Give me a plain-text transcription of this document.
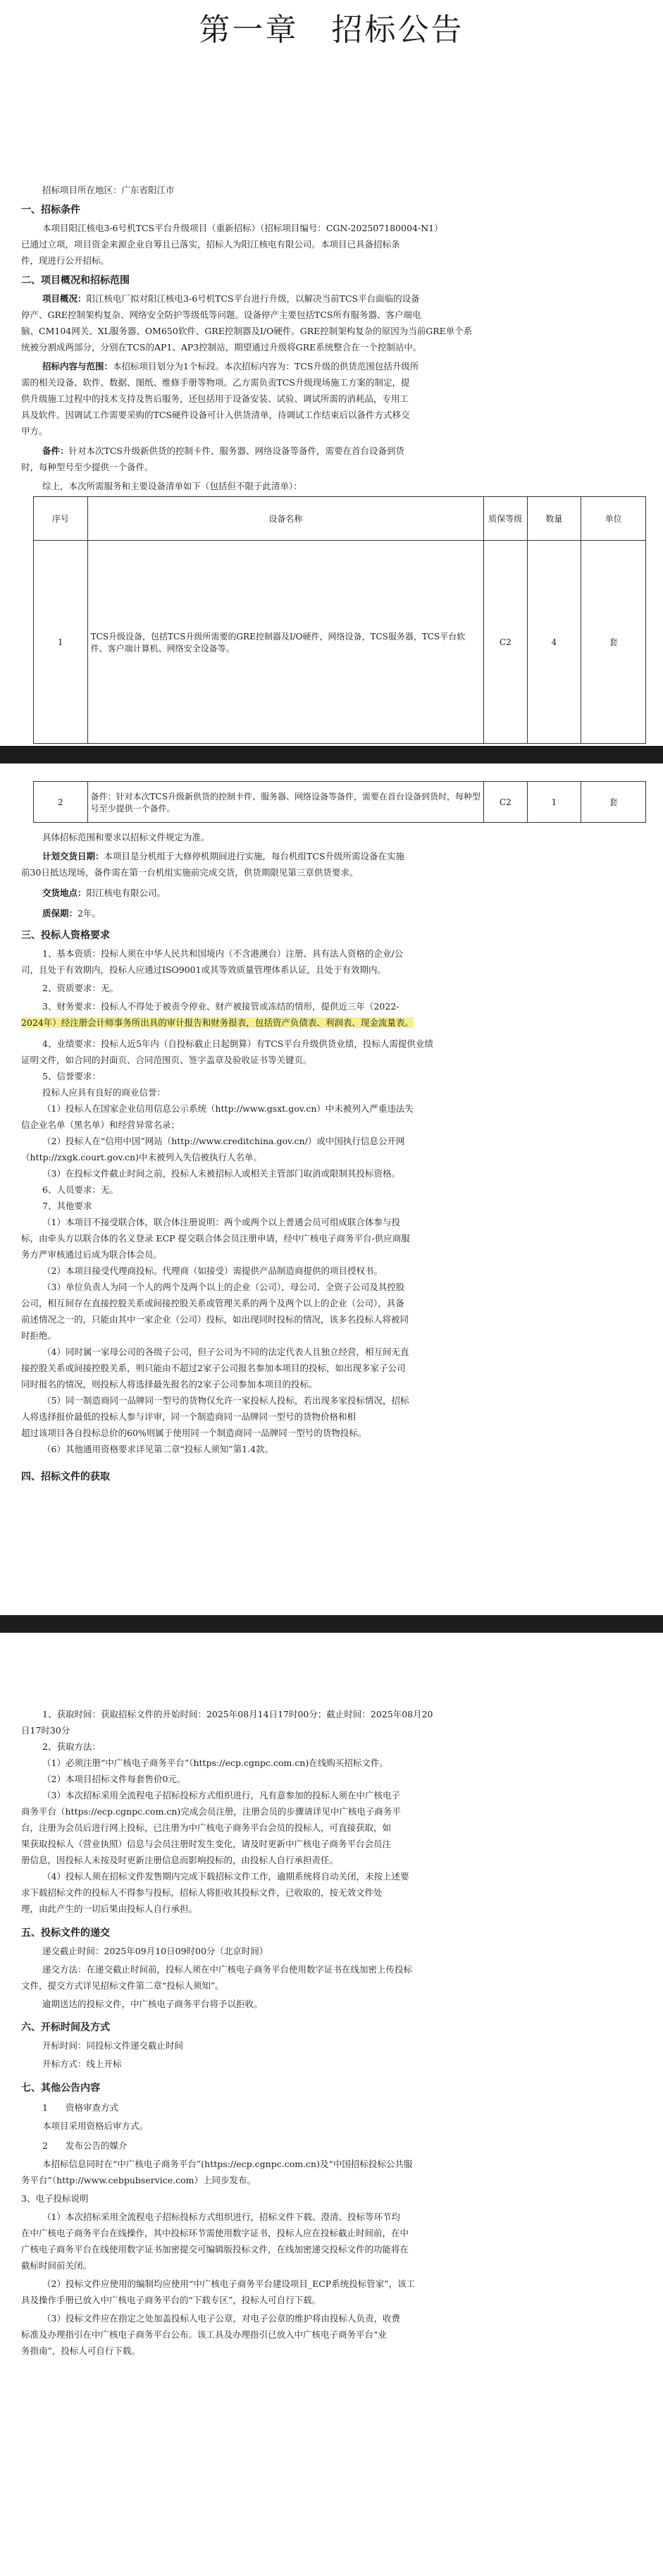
第一章　招标公告
招标项目所在地区：广东省阳江市
一、招标条件
本项目阳江核电3-6号机TCS平台升级项目（重新招标）（招标项目编号：CGN-202507180004-N1）
已通过立项，项目资金来源企业自筹且已落实，招标人为阳江核电有限公司。本项目已具备招标条
件，现进行公开招标。
二、项目概况和招标范围
项目概况：阳江核电厂拟对阳江核电3-6号机TCS平台进行升级，以解决当前TCS平台面临的设备
停产、GRE控制架构复杂、网络安全防护等级低等问题。设备停产主要包括TCS所有服务器、客户端电
脑、CM104网关、XL服务器、OM650软件、GRE控制器及I/O硬件。GRE控制架构复杂的原因为当前GRE单个系
统被分割成两部分，分别在TCS的AP1、AP3控制站，期望通过升级将GRE系统整合在一个控制站中。
招标内容与范围：本招标项目划分为1个标段。本次招标内容为：TCS升级的供货范围包括升级所
需的相关设备、软件、数据、图纸、维修手册等物项。乙方需负责TCS升级现场施工方案的制定，提
供升级施工过程中的技术支持及售后服务，还包括用于设备安装、试验、调试所需的消耗品，专用工
具及软件。因调试工作需要采购的TCS硬件设备可计入供货清单，待调试工作结束后以备件方式移交
甲方。
备件：针对本次TCS升级新供货的控制卡件、服务器、网络设备等备件，需要在首台设备到货
时，每种型号至少提供一个备件。
综上，本次所需服务和主要设备清单如下（包括但不限于此清单）：
序号	设备名称	质保等级	数量	单位
1	TCS升级设备，包括TCS升级所需要的GRE控制器及I/O硬件，网络设备，TCS服务器，TCS平台软件、客户端计算机、网络安全设备等。	C2	4	套
2	备件：针对本次TCS升级新供货的控制卡件、服务器、网络设备等备件，需要在首台设备到货时，每种型号至少提供一个备件。	C2	1	套
具体招标范围和要求以招标文件规定为准。
计划交货日期：本项目是分机组于大修停机期间进行实施，每台机组TCS升级所需设备在实施
前30日抵达现场，备件需在第一台机组实施前完成交货，供货期限见第三章供货要求。
交货地点：阳江核电有限公司。
质保期：2年。
三、投标人资格要求
1、基本资质：投标人须在中华人民共和国境内（不含港澳台）注册、具有法人资格的企业/公
司，且处于有效期内，投标人应通过ISO9001或其等效质量管理体系认证，且处于有效期内。
2、资质要求：无。
3、财务要求：投标人不得处于被责令停业、财产被接管或冻结的情形，提供近三年（2022-
2024年）经注册会计师事务所出具的审计报告和财务报表，包括资产负债表、利润表、现金流量表。
4、业绩要求：投标人近5年内（自投标截止日起倒算）有TCS平台升级供货业绩，投标人需提供业绩
证明文件，如合同的封面页、合同范围页、签字盖章及验收证书等关键页。
5、信誉要求：
投标人应具有良好的商业信誉：
（1）投标人在国家企业信用信息公示系统（http://www.gsxt.gov.cn）中未被列入严重违法失
信企业名单（黑名单）和经营异常名录；
（2）投标人在“信用中国”网站（http://www.creditchina.gov.cn/）或中国执行信息公开网
（http://zxgk.court.gov.cn)中未被列入失信被执行人名单。
（3）在投标文件截止时间之前，投标人未被招标人或相关主管部门取消或限制其投标资格。
6、人员要求：无。
7、其他要求
（1）本项目不接受联合体，联合体注册说明：两个或两个以上普通会员可组成联合体参与投
标，由牵头方以联合体的名义登录 ECP 提交联合体会员注册申请，经中广核电子商务平台-供应商服
务方严审核通过后成为联合体会员。
（2）本项目接受代理商投标。代理商（如接受）需提供产品制造商提供的项目授权书。
（3）单位负责人为同一个人的两个及两个以上的企业（公司），母公司、全资子公司及其控股
公司，相互间存在直接控股关系或间接控股关系或管理关系的两个及两个以上的企业（公司），具备
前述情况之一的，只能由其中一家企业（公司）投标，如出现同时投标的情况，该多名投标人将被同
时拒绝。
（4）同时属一家母公司的各级子公司，但子公司为不同的法定代表人且独立经营，相互间无直
接控股关系或间接控股关系，则只能由不超过2家子公司报名参加本项目的投标，如出现多家子公司
同时报名的情况，则投标人将选择最先报名的2家子公司参加本项目的投标。
（5）同一制造商同一品牌同一型号的货物仅允许一家投标人投标，若出现多家投标情况，招标
人将选择报价最低的投标人参与评审，同一个制造商同一品牌同一型号的货物价格和相
超过该项目各自投标总价的60%则属于使用同一个制造商同一品牌同一型号的货物投标。
（6）其他通用资格要求详见第二章“投标人须知”第1.4款。
四、招标文件的获取
1、获取时间：获取招标文件的开始时间：2025年08月14日17时00分；截止时间：2025年08月20
日17时30分
2、获取方法：
（1）必须注册“中广核电子商务平台”（https://ecp.cgnpc.com.cn)在线购买招标文件。
（2）本项目招标文件每套售价0元。
（3）本次招标采用全流程电子招标投标方式组织进行，凡有意参加的投标人须在中广核电子
商务平台（https://ecp.cgnpc.com.cn)完成会员注册，注册会员的步骤请详见中广核电子商务平
台，注册为会员后进行网上投标，已注册为中广核电子商务平台会员的投标人，可直接获取，如
果获取投标人（营业执照）信息与会员注册时发生变化，请及时更新中广核电子商务平台会员注
册信息，因投标人未按及时更新注册信息而影响投标的，由投标人自行承担责任。
（4）投标人须在招标文件发售期内完成下载招标文件工作，逾期系统将自动关闭，未按上述要
求下载招标文件的投标人不得参与投标，招标人将拒收其投标文件，已收取的，按无效文件处
理，由此产生的一切后果由投标人自行承担。
五、投标文件的递交
递交截止时间：2025年09月10日09时00分（北京时间）
递交方法：在递交截止时间前，投标人须在中广核电子商务平台使用数字证书在线加密上传投标
文件，提交方式详见招标文件第二章“投标人须知”。
逾期送达的投标文件，中广核电子商务平台将予以拒收。
六、开标时间及方式
开标时间：同投标文件递交截止时间
开标方式：线上开标
七、其他公告内容
1　　资格审查方式
本项目采用资格后审方式。
2　　发布公告的媒介
本招标信息同时在“中广核电子商务平台”(https://ecp.cgnpc.com.cn)及“中国招标投标公共服
务平台”（http://www.cebpubservice.com）上同步发布。
3、电子投标说明
（1）本次招标采用全流程电子招标投标方式组织进行，招标文件下载、澄清、投标等环节均
在中广核电子商务平台在线操作，其中投标环节需使用数字证书，投标人应在投标截止时间前，在中
广核电子商务平台在线使用数字证书加密提交可编辑版投标文件，在线加密递交投标文件的功能将在
截标时间前关闭。
（2）投标文件应使用的编制均应使用“中广核电子商务平台建设项目_ECP系统投标管家”，该工
具及操作手册已放入中广核电子商务平台的“下载专区”，投标人可自行下载。
（3）投标文件应在指定之处加盖投标人电子公章，对电子公章的维护将由投标人负责，收费
标准及办理指引在中广核电子商务平台公布。该工具及办理指引已放入中广核电子商务平台“业
务指南”，投标人可自行下载。
